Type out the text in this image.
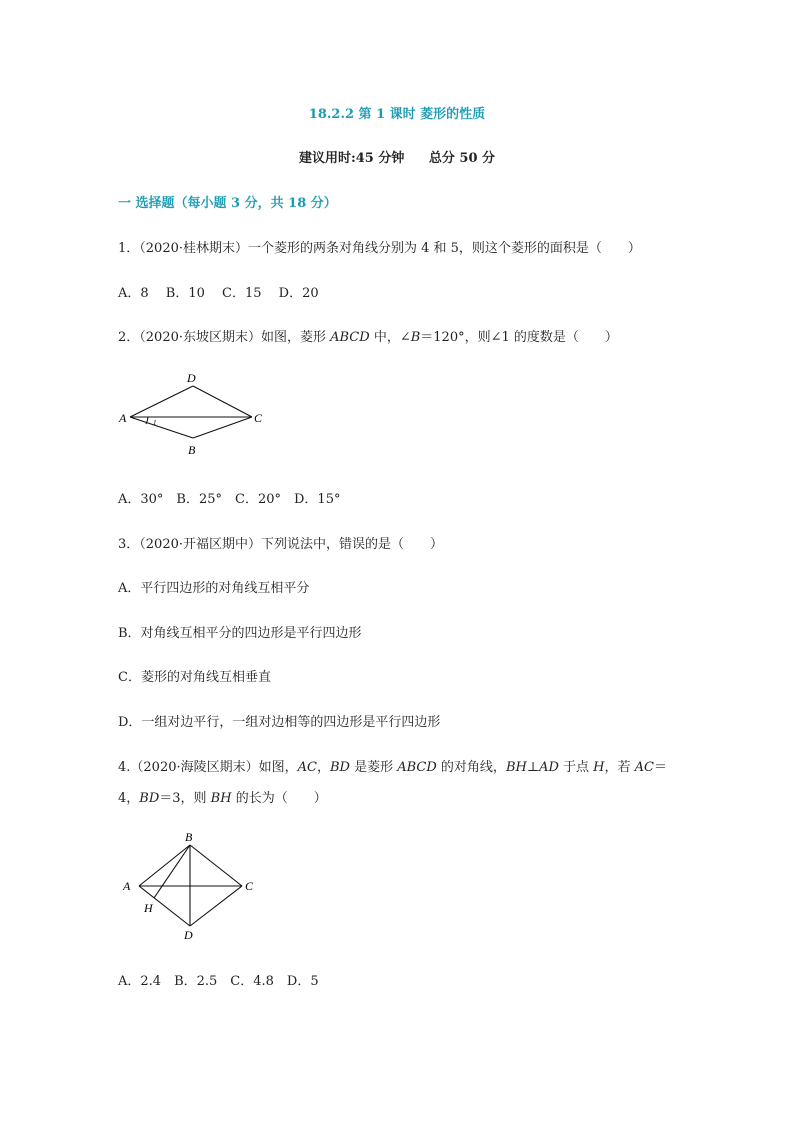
18.2.2 第 1 课时 菱形的性质
建议用时:45 分钟 总分 50 分
一 选择题（每小题 3 分，共 18 分）
1．（2020·桂林期末）一个菱形的两条对角线分别为 4 和 5，则这个菱形的面积是（　　）
A．8　 B．10　 C．15　 D．20
2．（2020·东坡区期末）如图，菱形 ABCD 中，∠B＝120°，则∠1 的度数是（　　）
D
A	C
B
1
A．30°　B．25°　C．20°　D．15°
3．（2020·开福区期中）下列说法中，错误的是（　　）
A．平行四边形的对角线互相平分
B．对角线互相平分的四边形是平行四边形
C．菱形的对角线互相垂直
D．一组对边平行，一组对边相等的四边形是平行四边形
4.（2020·海陵区期末）如图，AC，BD 是菱形 ABCD 的对角线，BH⊥AD 于点 H，若 AC＝
4，BD＝3，则 BH 的长为（　　）
B
A	C
H
D
A．2.4　B．2.5　C．4.8　D．5
